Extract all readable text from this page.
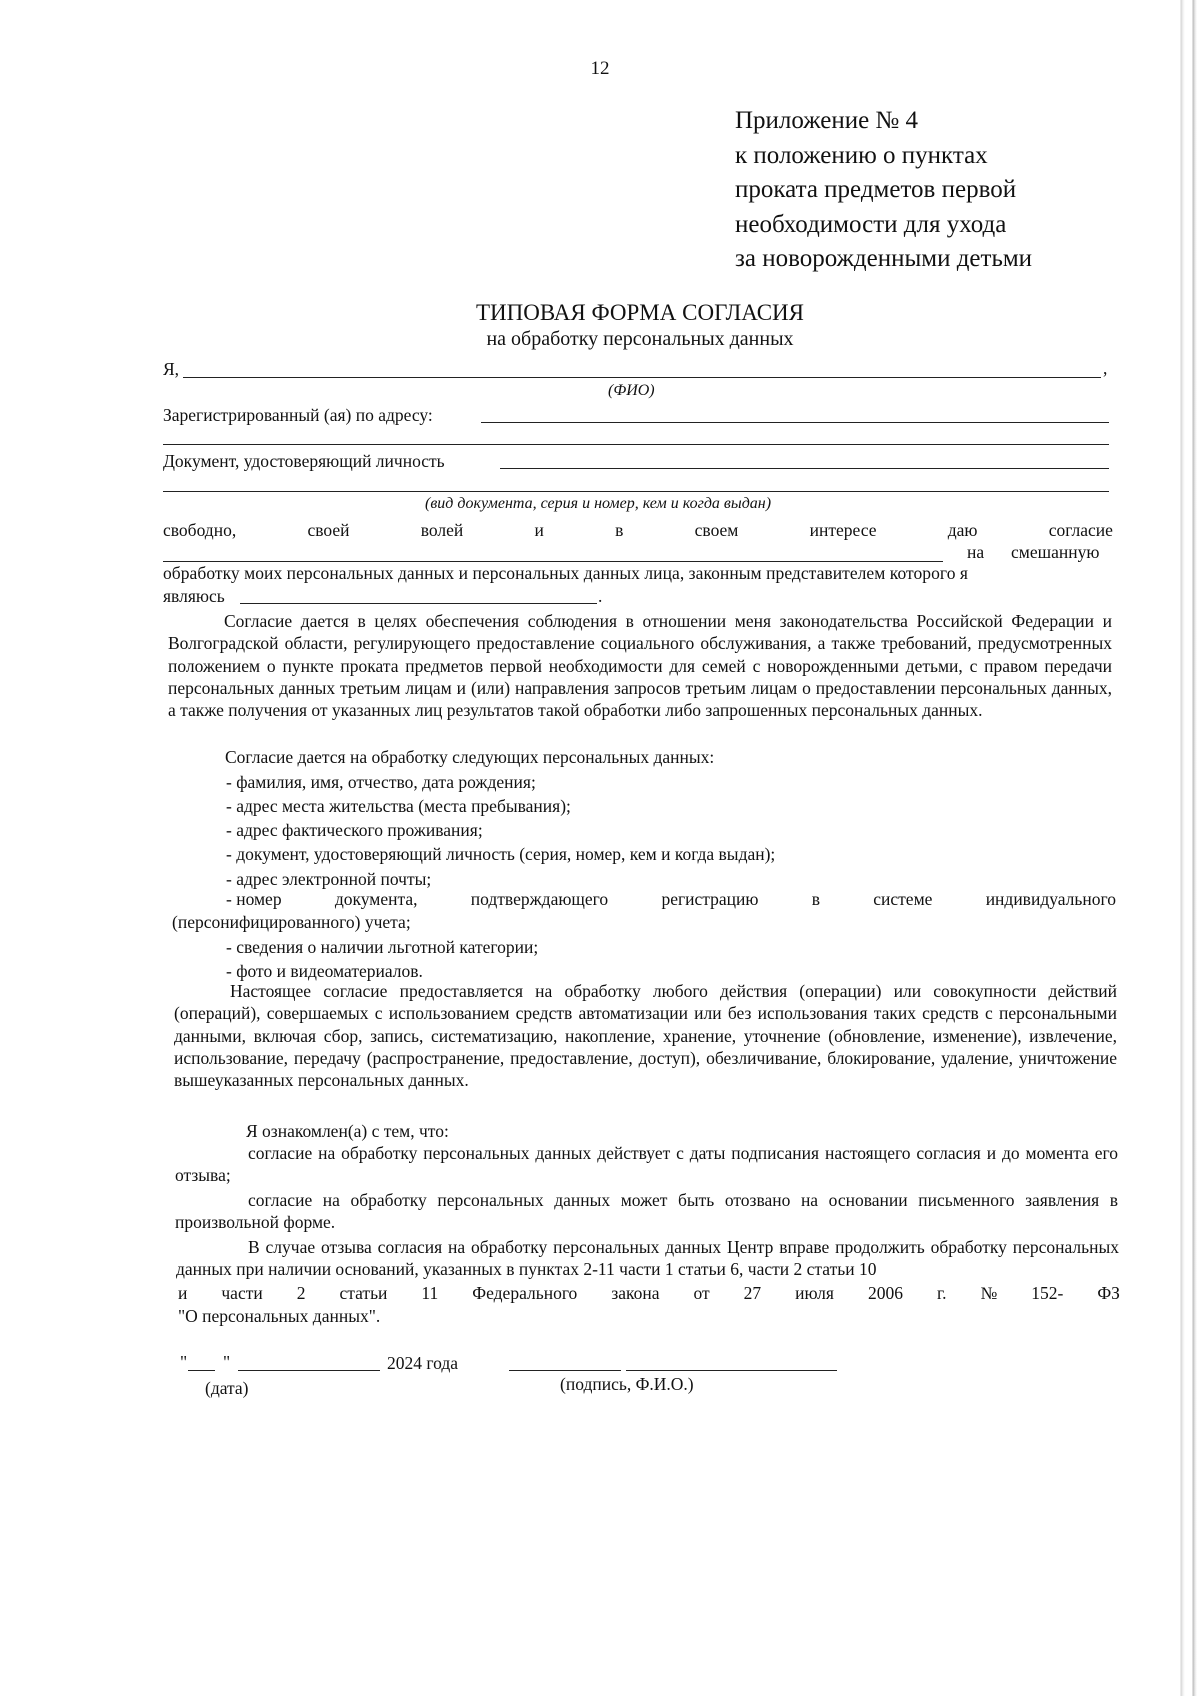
12
Приложение № 4
к положению о пунктах
проката предметов первой
необходимости для ухода
за новорожденными детьми
ТИПОВАЯ ФОРМА СОГЛАСИЯ
на обработку персональных данных
Я,	,
(ФИО)
Зарегистрированный (ая) по адресу:
Документ, удостоверяющий личность
(вид документа, серия и номер, кем и когда выдан)
свободно,	своей	волей	и	в	своем	интересе	даю	согласие
на смешанную
обработку моих персональных данных и персональных данных лица, законным представителем которого я
являюсь	.
Согласие дается в целях обеспечения соблюдения в отношении меня законодательства Российской Федерации и Волгоградской области, регулирующего предоставление социального обслуживания, а также требований, предусмотренных положением о пункте проката предметов первой необходимости для семей с новорожденными детьми, с правом передачи персональных данных третьим лицам и (или) направления запросов третьим лицам о предоставлении персональных данных, а также получения от указанных лиц результатов такой обработки либо запрошенных персональных данных.
Согласие дается на обработку следующих персональных данных:
- фамилия, имя, отчество, дата рождения;
- адрес места жительства (места пребывания);
- адрес фактического проживания;
- документ, удостоверяющий личность (серия, номер, кем и когда выдан);
- адрес электронной почты;
- номер	документа,	подтверждающего	регистрацию	в	системе	индивидуального
(персонифицированного) учета;
- сведения о наличии льготной категории;
- фото и видеоматериалов.
Настоящее согласие предоставляется на обработку любого действия (операции) или совокупности действий (операций), совершаемых с использованием средств автоматизации или без использования таких средств с персональными данными, включая сбор, запись, систематизацию, накопление, хранение, уточнение (обновление, изменение), извлечение, использование, передачу (распространение, предоставление, доступ), обезличивание, блокирование, удаление, уничтожение вышеуказанных персональных данных.
Я ознакомлен(а) с тем, что:
согласие на обработку персональных данных действует с даты подписания настоящего согласия и до момента его отзыва;
согласие на обработку персональных данных может быть отозвано на основании письменного заявления в произвольной форме.
В случае отзыва согласия на обработку персональных данных Центр вправе продолжить обработку персональных данных при наличии оснований, указанных в пунктах 2-11 части 1 статьи 6, части 2 статьи 10
и части 2 статьи 11 Федерального закона от 27 июля 2006 г. № 152- ФЗ
"О персональных данных".
" "	2024 года
(дата)	(подпись, Ф.И.О.)
